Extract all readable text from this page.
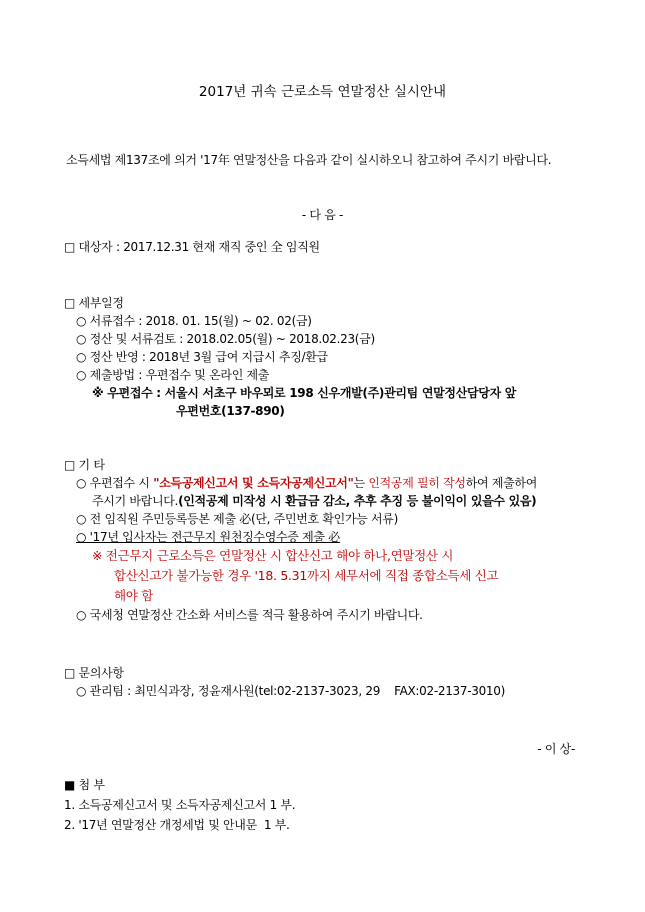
2017년 귀속 근로소득 연말정산 실시안내
소득세법 제137조에 의거 '17年 연말정산을 다음과 같이 실시하오니 참고하여 주시기 바랍니다.
- 다 음 -
□ 대상자 : 2017.12.31 현재 재직 중인 全 임직원
□ 세부일정
○ 서류접수 : 2018. 01. 15(월) ~ 02. 02(금)
○ 정산 및 서류검토 : 2018.02.05(월) ~ 2018.02.23(금)
○ 정산 반영 : 2018년 3월 급여 지급시 추징/환급
○ 제출방법 : 우편접수 및 온라인 제출
※ 우편접수 : 서울시 서초구 바우뫼로 198 신우개발(주)관리팀 연말정산담당자 앞
우편번호(137-890)
□ 기 타
○ 우편접수 시 "소득공제신고서 및 소득자공제신고서"는 인적공제 필히 작성하여 제출하여
주시기 바랍니다.(인적공제 미작성 시 환급금 감소, 추후 추징 등 불이익이 있을수 있음)
○ 전 임직원 주민등록등본 제출 必(단, 주민번호 확인가능 서류)
○ '17년 입사자는 전근무지 원천징수영수증 제출 必
※ 전근무지 근로소득은 연말정산 시 합산신고 해야 하나,연말정산 시
합산신고가 불가능한 경우 '18. 5.31까지 세무서에 직접 종합소득세 신고
해야 함
○ 국세청 연말정산 간소화 서비스를 적극 활용하여 주시기 바랍니다.
□ 문의사항
○ 관리팀 : 최민식과장, 정윤재사원(tel:02-2137-3023, 29    FAX:02-2137-3010)
- 이 상-
■ 첨 부
1. 소득공제신고서 및 소득자공제신고서 1 부.
2. '17년 연말정산 개정세법 및 안내문  1 부.
